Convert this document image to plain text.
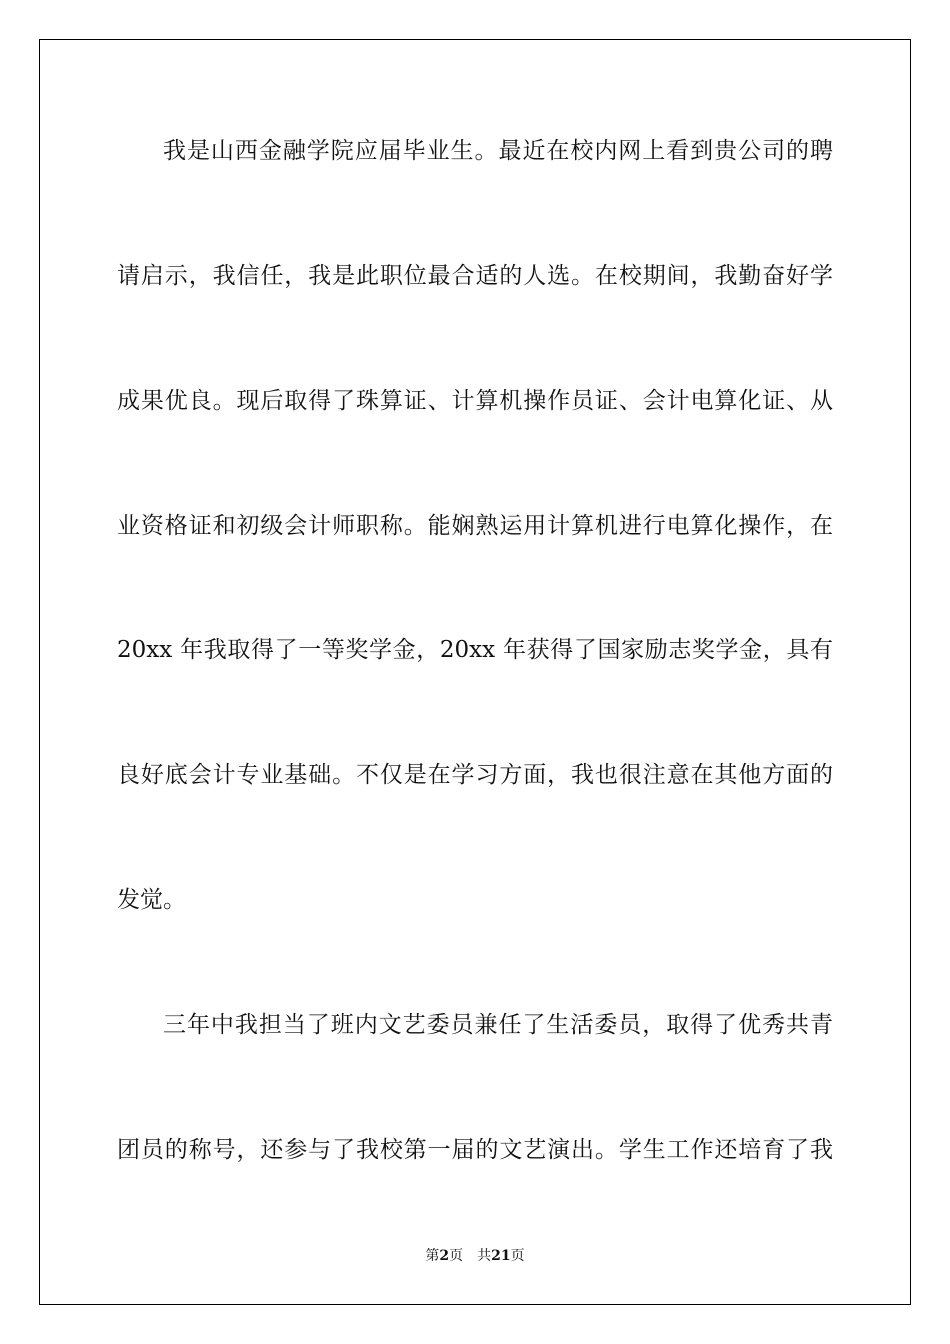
我是山西金融学院应届毕业生。最近在校内网上看到贵公司的聘
请启示，我信任，我是此职位最合适的人选。在校期间，我勤奋好学
成果优良。现后取得了珠算证、计算机操作员证、会计电算化证、从
业资格证和初级会计师职称。能娴熟运用计算机进行电算化操作，在
20xx 年我取得了一等奖学金，20xx 年获得了国家励志奖学金，具有
良好底会计专业基础。不仅是在学习方面，我也很注意在其他方面的
发觉。
三年中我担当了班内文艺委员兼任了生活委员，取得了优秀共青
团员的称号，还参与了我校第一届的文艺演出。学生工作还培育了我
第2页 共21页
